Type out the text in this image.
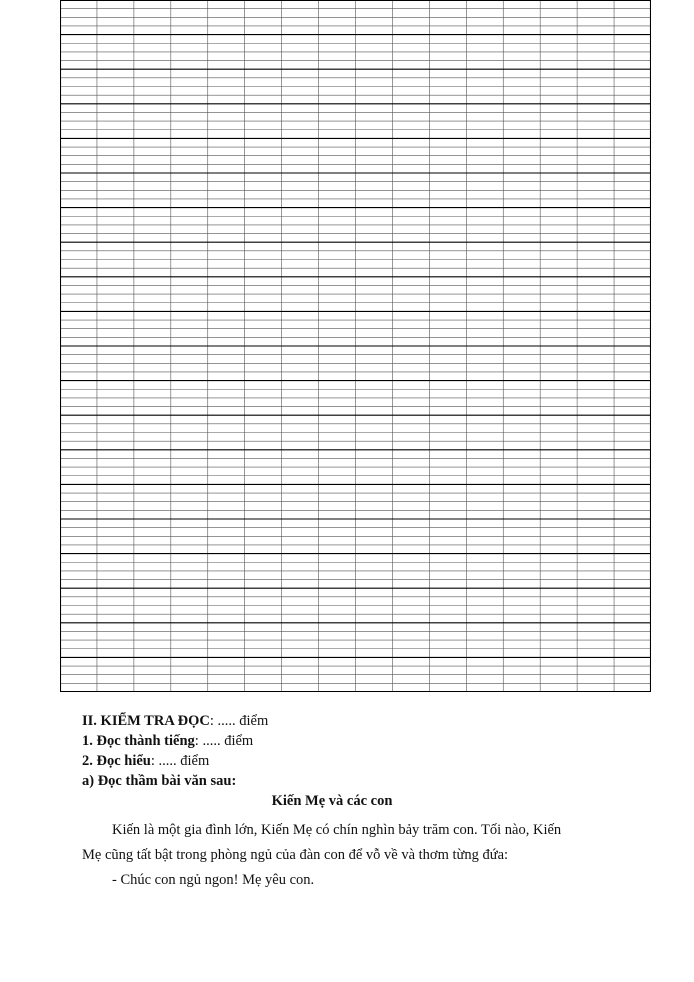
II. KIỂM TRA ĐỌC: ..... điểm
1. Đọc thành tiếng: ..... điểm
2. Đọc hiểu: ..... điểm
a) Đọc thầm bài văn sau:
Kiến Mẹ và các con
Kiến là một gia đình lớn, Kiến Mẹ có chín nghìn bảy trăm con. Tối nào, Kiến
Mẹ cũng tất bật trong phòng ngủ của đàn con để vỗ về và thơm từng đứa:
- Chúc con ngủ ngon! Mẹ yêu con.
